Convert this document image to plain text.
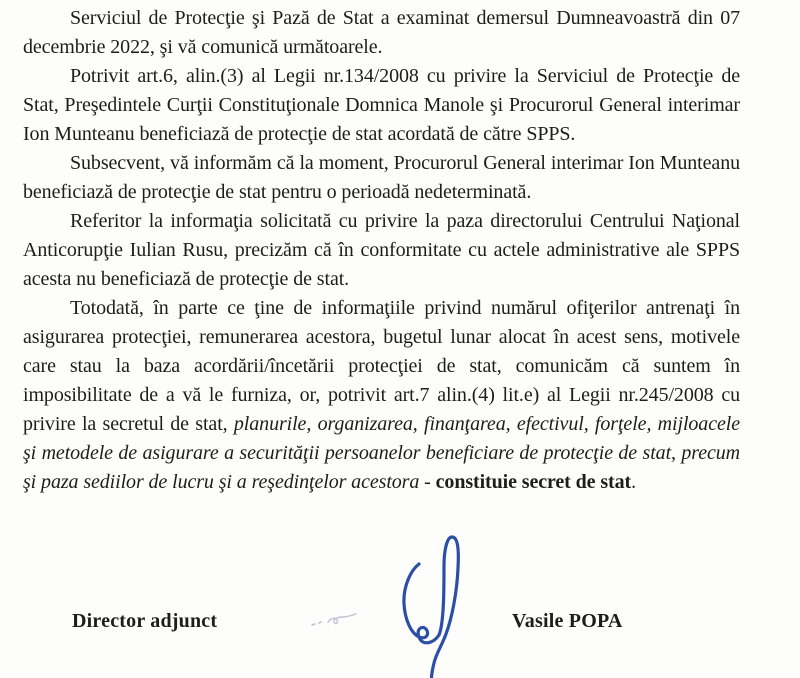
Serviciul de Protecţie şi Pază de Stat a examinat demersul Dumneavoastră din 07 decembrie 2022, şi vă comunică următoarele.

Potrivit art.6, alin.(3) al Legii nr.134/2008 cu privire la Serviciul de Protecţie de Stat, Preşedintele Curţii Constituţionale Domnica Manole şi Procurorul General interimar Ion Munteanu beneficiază de protecţie de stat acordată de către SPPS.

Subsecvent, vă informăm că la moment, Procurorul General interimar Ion Munteanu beneficiază de protecţie de stat pentru o perioadă nedeterminată.

Referitor la informaţia solicitată cu privire la paza directorului Centrului Naţional Anticorupţie Iulian Rusu, precizăm că în conformitate cu actele administrative ale SPPS acesta nu beneficiază de protecţie de stat.

Totodată, în parte ce ţine de informaţiile privind numărul ofiţerilor antrenaţi în asigurarea protecţiei, remunerarea acestora, bugetul lunar alocat în acest sens, motivele care stau la baza acordării/încetării protecţiei de stat, comunicăm că suntem în imposibilitate de a vă le furniza, or, potrivit art.7 alin.(4) lit.e) al Legii nr.245/2008 cu privire la secretul de stat, planurile, organizarea, finanţarea, efectivul, forţele, mijloacele şi metodele de asigurare a securităţii persoanelor beneficiare de protecţie de stat, precum şi paza sediilor de lucru şi a reşedinţelor acestora - constituie secret de stat.

Director adjunct	Vasile POPA
